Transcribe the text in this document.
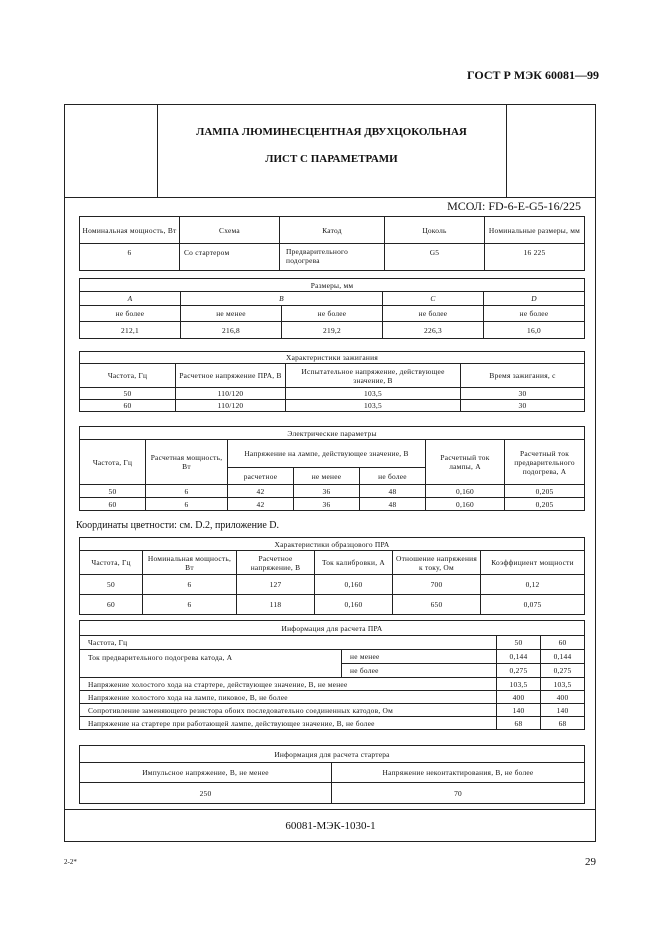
ГОСТ Р МЭК 60081—99
ЛАМПА ЛЮМИНЕСЦЕНТНАЯ ДВУХЦОКОЛЬНАЯ
ЛИСТ С ПАРАМЕТРАМИ
МСОЛ: FD-6-E-G5-16/225
Номинальная мощность, Вт	Схема	Катод	Цоколь	Номинальные размеры, мм
6	Со стартером	Предварительного подогрева	G5	16 225
Размеры, мм				
A	B		C	D
не более	не менее	не более	не более	не более
212,1	216,8	219,2	226,3	16,0
Характеристики зажигания			
Частота, Гц	Расчетное напряжение ПРА, В	Испытательное напряжение, действующее значение, В	Время зажигания, с
50	110/120	103,5	30
60	110/120	103,5	30
Электрические параметры						
Частота, Гц	Расчетная мощность, Вт	Напряжение на лампе, действующее значение, В			Расчетный ток лампы, А	Расчетный ток предварительного подогрева, А
		расчетное	не менее	не более		
50	6	42	36	48	0,160	0,205
60	6	42	36	48	0,160	0,205
Координаты цветности: см. D.2, приложение D.
Характеристики образцового ПРА					
Частота, Гц	Номинальная мощность, Вт	Расчетное напряжение, В	Ток калибровки, А	Отношение напряжения к току, Ом	Коэффициент мощности
50	6	127	0,160	700	0,12
60	6	118	0,160	650	0,075
Информация для расчета ПРА			
Частота, Гц		50	60
Ток предварительного подогрева катода, А	не менее	0,144	0,144
	не более	0,275	0,275
Напряжение холостого хода на стартере, действующее значение, В, не менее		103,5	103,5
Напряжение холостого хода на лампе, пиковое, В, не более		400	400
Сопротивление заменяющего резистора обоих последовательно соединенных катодов, Ом		140	140
Напряжение на стартере при работающей лампе, действующее значение, В, не более		68	68
Информация для расчета стартера	
Импульсное напряжение, В, не менее	Напряжение неконтактирования, В, не более
250	70
60081-МЭК-1030-1
2-2*	29
